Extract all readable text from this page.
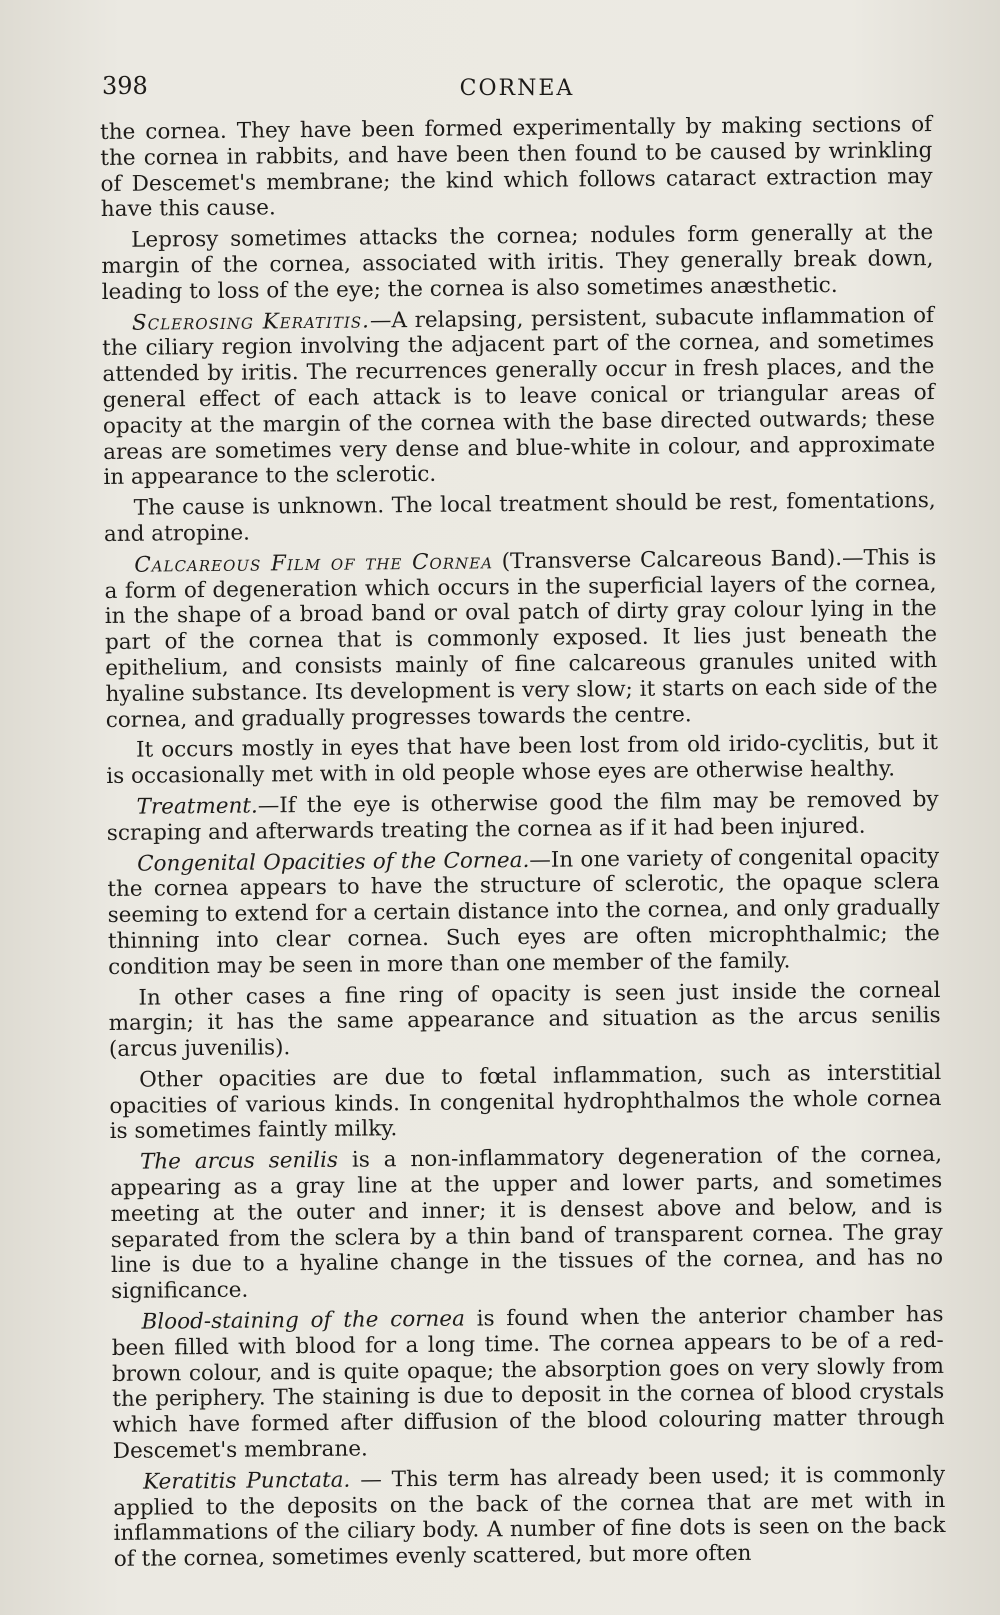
398	CORNEA

the cornea. They have been formed experimentally by making sections of the cornea in rabbits, and have been then found to be caused by wrinkling of Descemet's membrane; the kind which follows cataract extraction may have this cause.

Leprosy sometimes attacks the cornea; nodules form generally at the margin of the cornea, associated with iritis. They generally break down, leading to loss of the eye; the cornea is also sometimes anæsthetic.

Sclerosing Keratitis.—A relapsing, persistent, subacute inflammation of the ciliary region involving the adjacent part of the cornea, and sometimes attended by iritis. The recurrences generally occur in fresh places, and the general effect of each attack is to leave conical or triangular areas of opacity at the margin of the cornea with the base directed outwards; these areas are sometimes very dense and blue-white in colour, and approximate in appearance to the sclerotic.

The cause is unknown. The local treatment should be rest, fomentations, and atropine.

Calcareous Film of the Cornea (Transverse Calcareous Band).—This is a form of degeneration which occurs in the superficial layers of the cornea, in the shape of a broad band or oval patch of dirty gray colour lying in the part of the cornea that is commonly exposed. It lies just beneath the epithelium, and consists mainly of fine calcareous granules united with hyaline substance. Its development is very slow; it starts on each side of the cornea, and gradually progresses towards the centre.

It occurs mostly in eyes that have been lost from old irido-cyclitis, but it is occasionally met with in old people whose eyes are otherwise healthy.

Treatment.—If the eye is otherwise good the film may be removed by scraping and afterwards treating the cornea as if it had been injured.

Congenital Opacities of the Cornea.—In one variety of congenital opacity the cornea appears to have the structure of sclerotic, the opaque sclera seeming to extend for a certain distance into the cornea, and only gradually thinning into clear cornea. Such eyes are often microphthalmic; the condition may be seen in more than one member of the family.

In other cases a fine ring of opacity is seen just inside the corneal margin; it has the same appearance and situation as the arcus senilis (arcus juvenilis).

Other opacities are due to fœtal inflammation, such as interstitial opacities of various kinds. In congenital hydrophthalmos the whole cornea is sometimes faintly milky.

The arcus senilis is a non-inflammatory degeneration of the cornea, appearing as a gray line at the upper and lower parts, and sometimes meeting at the outer and inner; it is densest above and below, and is separated from the sclera by a thin band of transparent cornea. The gray line is due to a hyaline change in the tissues of the cornea, and has no significance.

Blood-staining of the cornea is found when the anterior chamber has been filled with blood for a long time. The cornea appears to be of a red-brown colour, and is quite opaque; the absorption goes on very slowly from the periphery. The staining is due to deposit in the cornea of blood crystals which have formed after diffusion of the blood colouring matter through Descemet's membrane.

Keratitis Punctata. — This term has already been used; it is commonly applied to the deposits on the back of the cornea that are met with in inflammations of the ciliary body. A number of fine dots is seen on the back of the cornea, sometimes evenly scattered, but more often
